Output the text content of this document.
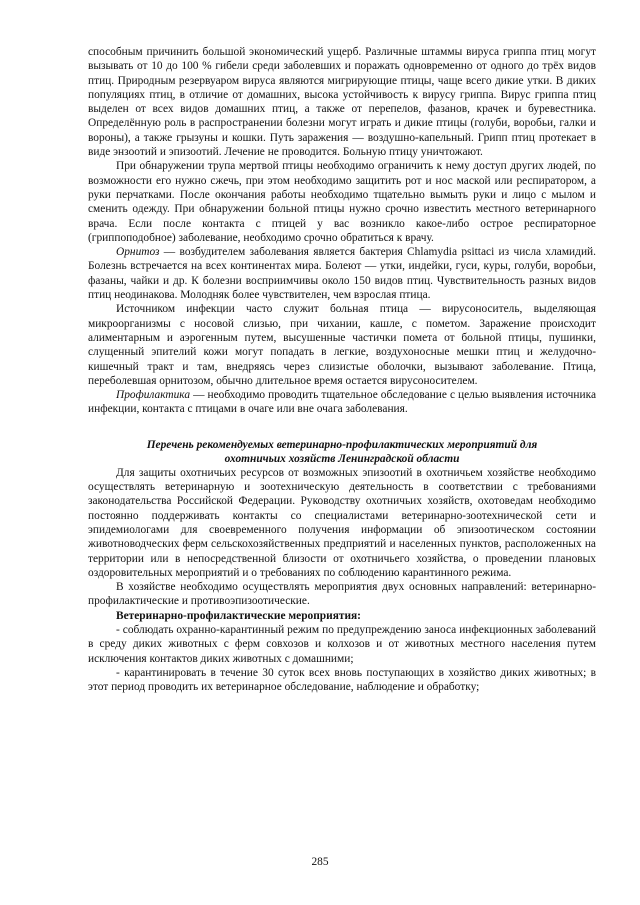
способным причинить большой экономический ущерб. Различные штаммы вируса гриппа птиц могут вызывать от 10 до 100 % гибели среди заболевших и поражать одновременно от одного до трёх видов птиц. Природным резервуаром вируса являются мигрирующие птицы, чаще всего дикие утки. В диких популяциях птиц, в отличие от домашних, высока устойчивость к вирусу гриппа. Вирус гриппа птиц выделен от всех видов домашних птиц, а также от перепелов, фазанов, крачек и буревестника. Определённую роль в распространении болезни могут играть и дикие птицы (голуби, воробьи, галки и вороны), а также грызуны и кошки. Путь заражения — воздушно-капельный. Грипп птиц протекает в виде энзоотий и эпизоотий. Лечение не проводится. Больную птицу уничтожают.

При обнаружении трупа мертвой птицы необходимо ограничить к нему доступ других людей, по возможности его нужно сжечь, при этом необходимо защитить рот и нос маской или респиратором, а руки перчатками. После окончания работы необходимо тщательно вымыть руки и лицо с мылом и сменить одежду. При обнаружении больной птицы нужно срочно известить местного ветеринарного врача. Если после контакта с птицей у вас возникло какое-либо острое респираторное (гриппоподобное) заболевание, необходимо срочно обратиться к врачу.

Орнитоз — возбудителем заболевания является бактерия Chlamydia psittaci из числа хламидий. Болезнь встречается на всех континентах мира. Болеют — утки, индейки, гуси, куры, голуби, воробьи, фазаны, чайки и др. К болезни восприимчивы около 150 видов птиц. Чувствительность разных видов птиц неодинакова. Молодняк более чувствителен, чем взрослая птица.

Источником инфекции часто служит больная птица — вирусоноситель, выделяющая микроорганизмы с носовой слизью, при чихании, кашле, с пометом. Заражение происходит алиментарным и аэрогенным путем, высушенные частички помета от больной птицы, пушинки, слущенный эпителий кожи могут попадать в легкие, воздухоносные мешки птиц и желудочно-кишечный тракт и там, внедряясь через слизистые оболочки, вызывают заболевание. Птица, переболевшая орнитозом, обычно длительное время остается вирусоносителем.

Профилактика — необходимо проводить тщательное обследование с целью выявления источника инфекции, контакта с птицами в очаге или вне очага заболевания.

Перечень рекомендуемых ветеринарно-профилактических мероприятий для
охотничьих хозяйств Ленинградской области

Для защиты охотничьих ресурсов от возможных эпизоотий в охотничьем хозяйстве необходимо осуществлять ветеринарную и зоотехническую деятельность в соответствии с требованиями законодательства Российской Федерации. Руководству охотничьих хозяйств, охотоведам необходимо постоянно поддерживать контакты со специалистами ветеринарно-зоотехнической сети и эпидемиологами для своевременного получения информации об эпизоотическом состоянии животноводческих ферм сельскохозяйственных предприятий и населенных пунктов, расположенных на территории или в непосредственной близости от охотничьего хозяйства, о проведении плановых оздоровительных мероприятий и о требованиях по соблюдению карантинного режима.

В хозяйстве необходимо осуществлять мероприятия двух основных направлений: ветеринарно-профилактические и противоэпизоотические.

Ветеринарно-профилактические мероприятия:

- соблюдать охранно-карантинный режим по предупреждению заноса инфекционных заболеваний в среду диких животных с ферм совхозов и колхозов и от животных местного населения путем исключения контактов диких животных с домашними;

- карантинировать в течение 30 суток всех вновь поступающих в хозяйство диких животных; в этот период проводить их ветеринарное обследование, наблюдение и обработку;

285
